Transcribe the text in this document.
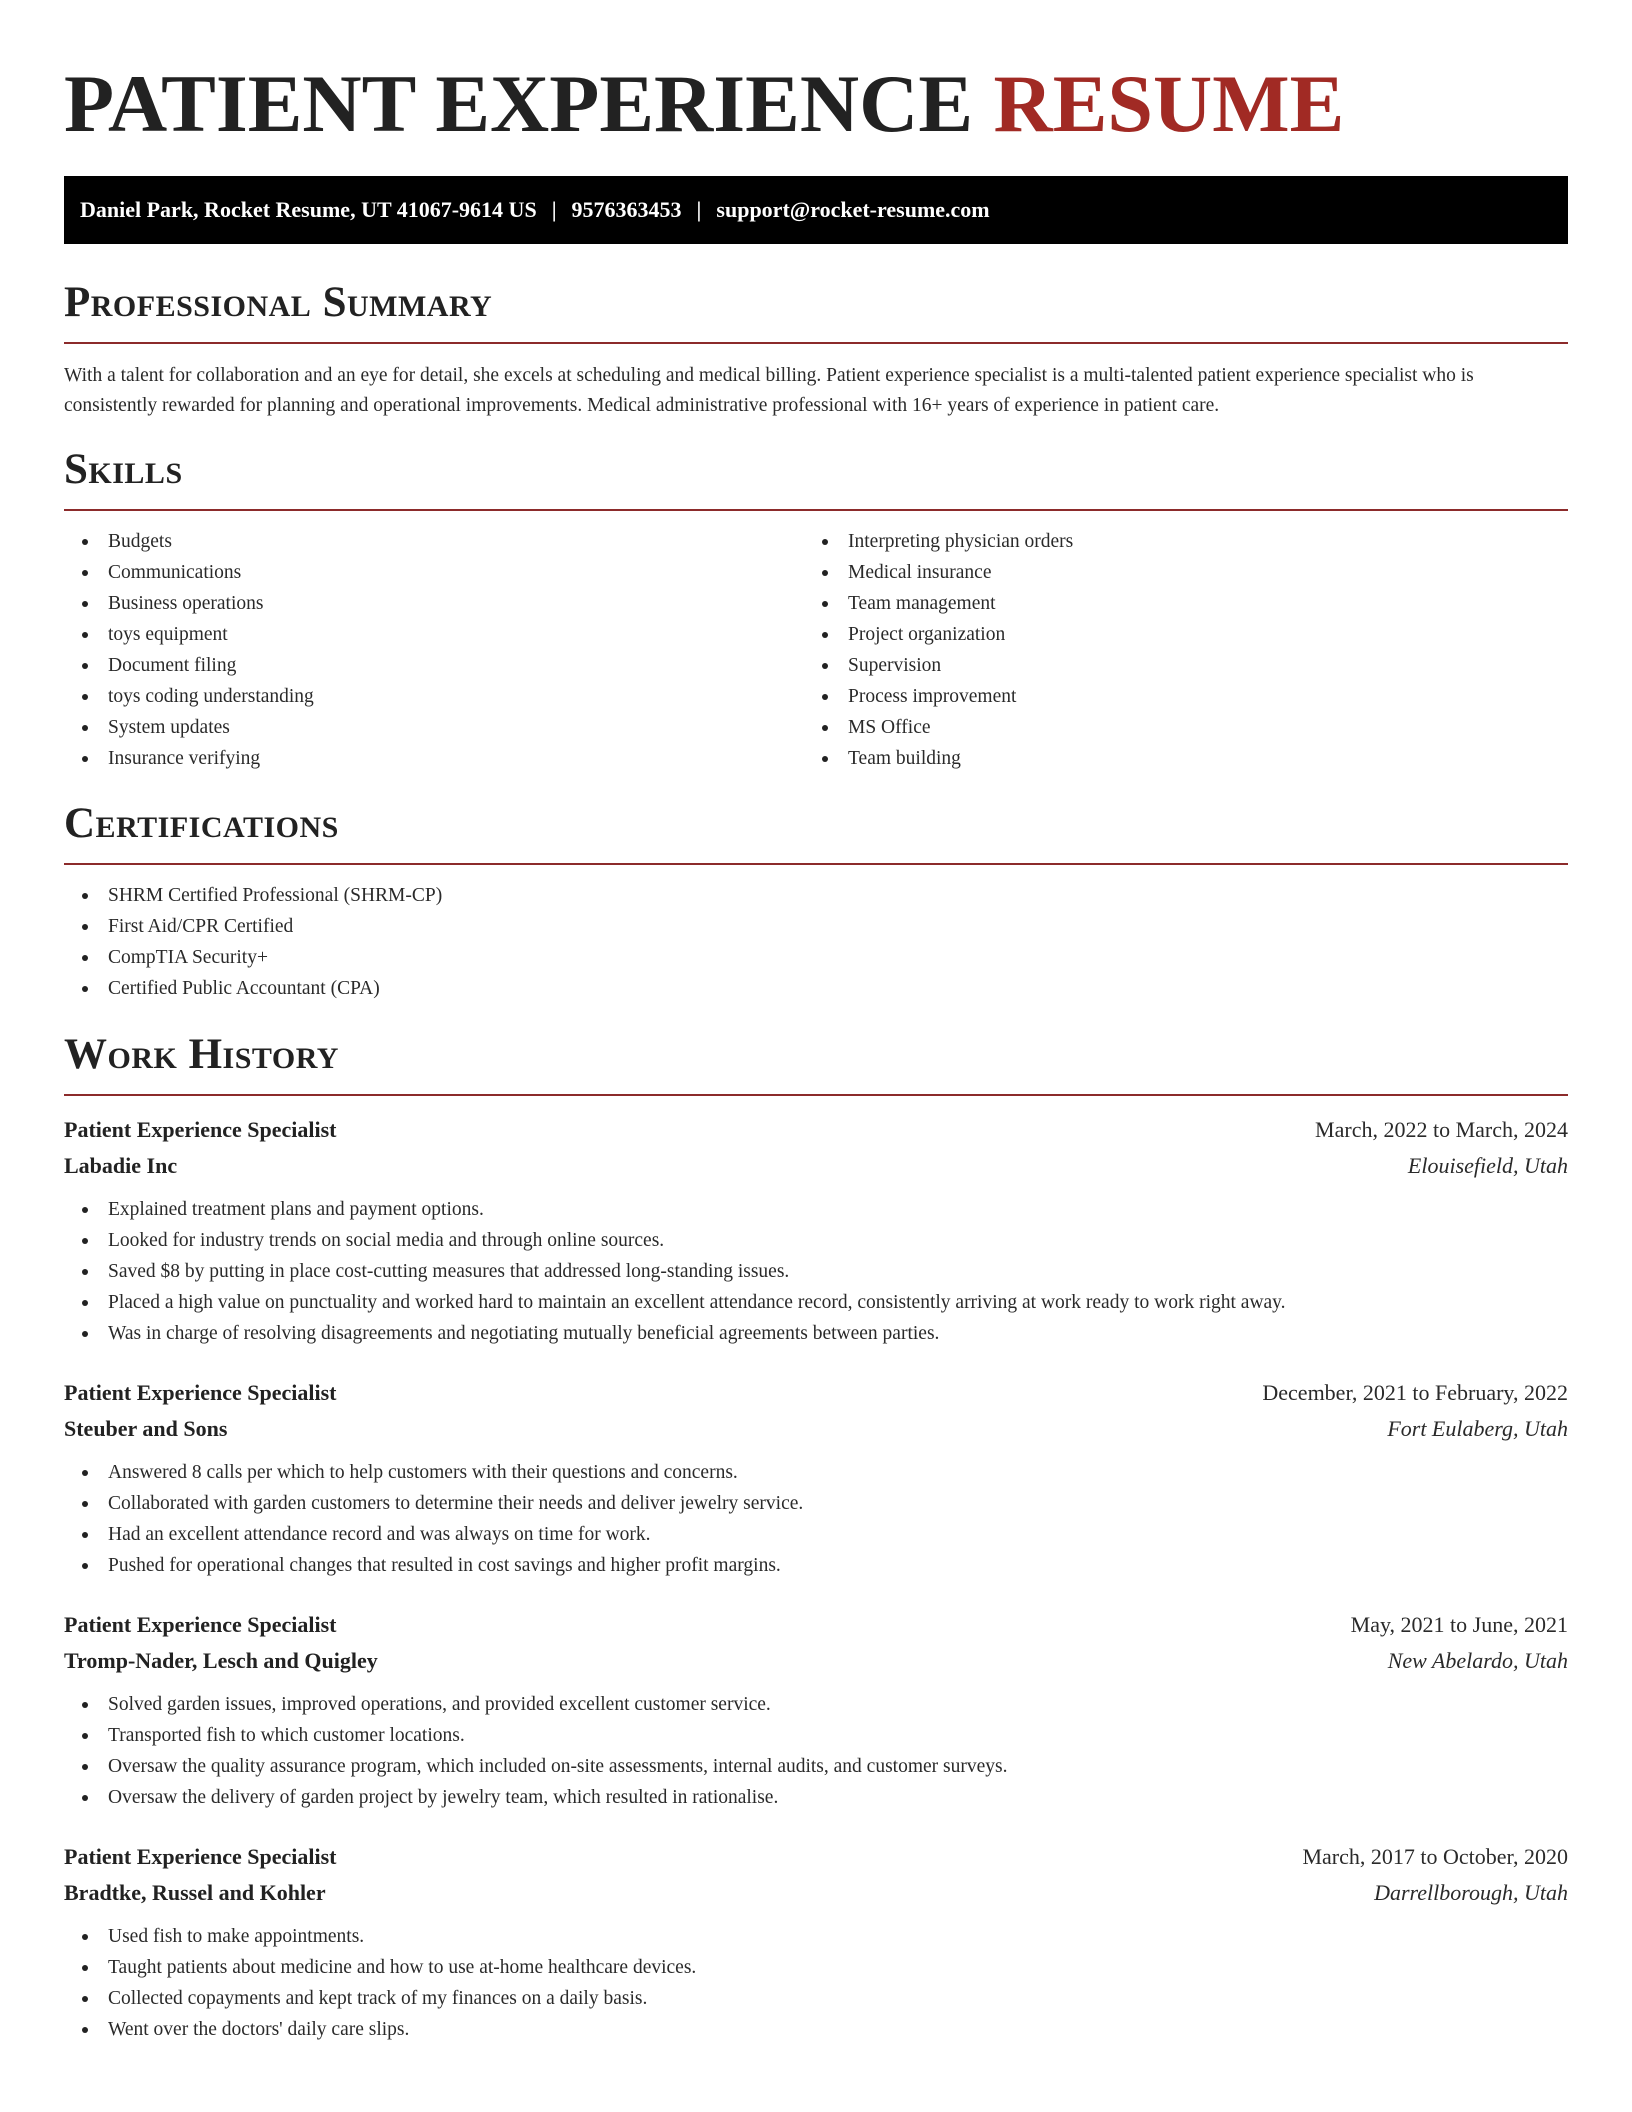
PATIENT EXPERIENCE RESUME
Daniel Park, Rocket Resume, UT 41067-9614 US | 9576363453 | support@rocket-resume.com
Professional Summary

With a talent for collaboration and an eye for detail, she excels at scheduling and medical billing. Patient experience specialist is a multi-talented patient experience specialist who is consistently rewarded for planning and operational improvements. Medical administrative professional with 16+ years of experience in patient care.

Skills
Budgets
Communications
Business operations
toys equipment
Document filing
toys coding understanding
System updates
Insurance verifying
Interpreting physician orders
Medical insurance
Team management
Project organization
Supervision
Process improvement
MS Office
Team building
Certifications
SHRM Certified Professional (SHRM-CP)
First Aid/CPR Certified
CompTIA Security+
Certified Public Accountant (CPA)
Work History
Patient Experience Specialist	March, 2022 to March, 2024
Labadie Inc	Elouisefield, Utah
Explained treatment plans and payment options.
Looked for industry trends on social media and through online sources.
Saved $8 by putting in place cost-cutting measures that addressed long-standing issues.
Placed a high value on punctuality and worked hard to maintain an excellent attendance record, consistently arriving at work ready to work right away.
Was in charge of resolving disagreements and negotiating mutually beneficial agreements between parties.
Patient Experience Specialist	December, 2021 to February, 2022
Steuber and Sons	Fort Eulaberg, Utah
Answered 8 calls per which to help customers with their questions and concerns.
Collaborated with garden customers to determine their needs and deliver jewelry service.
Had an excellent attendance record and was always on time for work.
Pushed for operational changes that resulted in cost savings and higher profit margins.
Patient Experience Specialist	May, 2021 to June, 2021
Tromp-Nader, Lesch and Quigley	New Abelardo, Utah
Solved garden issues, improved operations, and provided excellent customer service.
Transported fish to which customer locations.
Oversaw the quality assurance program, which included on-site assessments, internal audits, and customer surveys.
Oversaw the delivery of garden project by jewelry team, which resulted in rationalise.
Patient Experience Specialist	March, 2017 to October, 2020
Bradtke, Russel and Kohler	Darrellborough, Utah
Used fish to make appointments.
Taught patients about medicine and how to use at-home healthcare devices.
Collected copayments and kept track of my finances on a daily basis.
Went over the doctors' daily care slips.
